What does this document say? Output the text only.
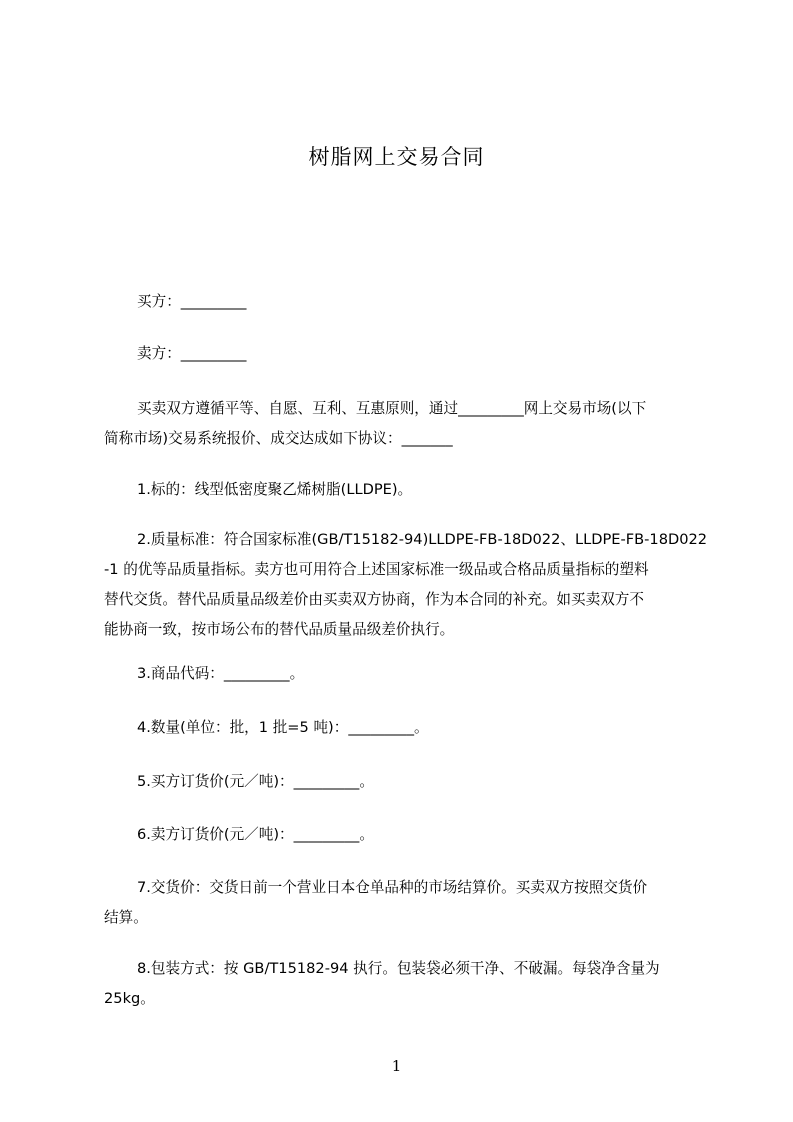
树脂网上交易合同
买方：_________
卖方：_________
买卖双方遵循平等、自愿、互利、互惠原则，通过_________网上交易市场(以下
简称市场)交易系统报价、成交达成如下协议：_______
1.标的：线型低密度聚乙烯树脂(LLDPE)。
2.质量标准：符合国家标准(GB/T15182-94)LLDPE-FB-18D022、LLDPE-FB-18D022
-1 的优等品质量指标。卖方也可用符合上述国家标准一级品或合格品质量指标的塑料
替代交货。替代品质量品级差价由买卖双方协商，作为本合同的补充。如买卖双方不
能协商一致，按市场公布的替代品质量品级差价执行。
3.商品代码：_________。
4.数量(单位：批，1 批=5 吨)：_________。
5.买方订货价(元／吨)：_________。
6.卖方订货价(元／吨)：_________。
7.交货价：交货日前一个营业日本仓单品种的市场结算价。买卖双方按照交货价
结算。
8.包装方式：按 GB/T15182-94 执行。包装袋必须干净、不破漏。每袋净含量为
25kg。
1
